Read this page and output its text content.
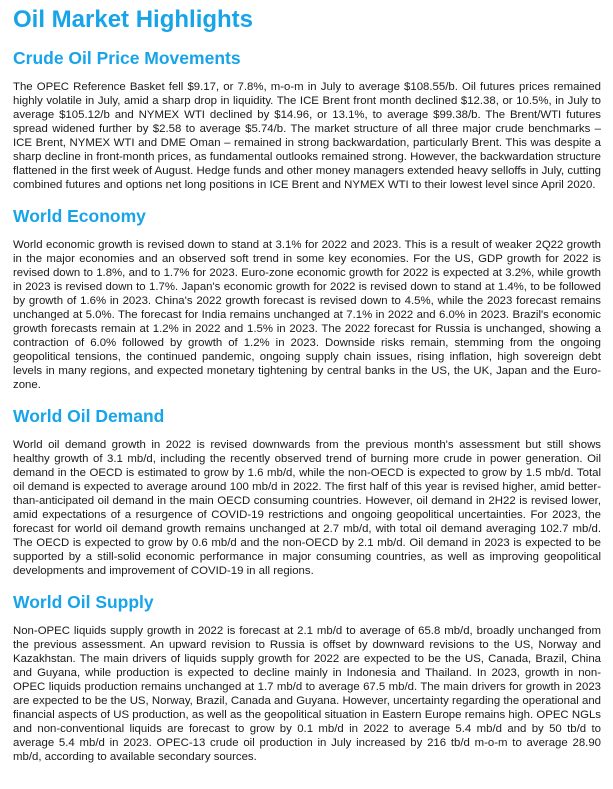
Oil Market Highlights
Crude Oil Price Movements

The OPEC Reference Basket fell $9.17, or 7.8%, m-o-m in July to average $108.55/b. Oil futures prices remained highly volatile in July, amid a sharp drop in liquidity. The ICE Brent front month declined $12.38, or 10.5%, in July to average $105.12/b and NYMEX WTI declined by $14.96, or 13.1%, to average $99.38/b. The Brent/WTI futures spread widened further by $2.58 to average $5.74/b. The market structure of all three major crude benchmarks – ICE Brent, NYMEX WTI and DME Oman – remained in strong backwardation, particularly Brent. This was despite a sharp decline in front-month prices, as fundamental outlooks remained strong. However, the backwardation structure flattened in the first week of August. Hedge funds and other money managers extended heavy selloffs in July, cutting combined futures and options net long positions in ICE Brent and NYMEX WTI to their lowest level since April 2020.

World Economy

World economic growth is revised down to stand at 3.1% for 2022 and 2023. This is a result of weaker 2Q22 growth in the major economies and an observed soft trend in some key economies. For the US, GDP growth for 2022 is revised down to 1.8%, and to 1.7% for 2023. Euro-zone economic growth for 2022 is expected at 3.2%, while growth in 2023 is revised down to 1.7%. Japan's economic growth for 2022 is revised down to stand at 1.4%, to be followed by growth of 1.6% in 2023. China's 2022 growth forecast is revised down to 4.5%, while the 2023 forecast remains unchanged at 5.0%. The forecast for India remains unchanged at 7.1% in 2022 and 6.0% in 2023. Brazil's economic growth forecasts remain at 1.2% in 2022 and 1.5% in 2023. The 2022 forecast for Russia is unchanged, showing a contraction of 6.0% followed by growth of 1.2% in 2023. Downside risks remain, stemming from the ongoing geopolitical tensions, the continued pandemic, ongoing supply chain issues, rising inflation, high sovereign debt levels in many regions, and expected monetary tightening by central banks in the US, the UK, Japan and the Euro-zone.

World Oil Demand

World oil demand growth in 2022 is revised downwards from the previous month's assessment but still shows healthy growth of 3.1 mb/d, including the recently observed trend of burning more crude in power generation. Oil demand in the OECD is estimated to grow by 1.6 mb/d, while the non-OECD is expected to grow by 1.5 mb/d. Total oil demand is expected to average around 100 mb/d in 2022. The first half of this year is revised higher, amid better-than-anticipated oil demand in the main OECD consuming countries. However, oil demand in 2H22 is revised lower, amid expectations of a resurgence of COVID-19 restrictions and ongoing geopolitical uncertainties. For 2023, the forecast for world oil demand growth remains unchanged at 2.7 mb/d, with total oil demand averaging 102.7 mb/d. The OECD is expected to grow by 0.6 mb/d and the non-OECD by 2.1 mb/d. Oil demand in 2023 is expected to be supported by a still-solid economic performance in major consuming countries, as well as improving geopolitical developments and improvement of COVID-19 in all regions.

World Oil Supply

Non-OPEC liquids supply growth in 2022 is forecast at 2.1 mb/d to average of 65.8 mb/d, broadly unchanged from the previous assessment. An upward revision to Russia is offset by downward revisions to the US, Norway and Kazakhstan. The main drivers of liquids supply growth for 2022 are expected to be the US, Canada, Brazil, China and Guyana, while production is expected to decline mainly in Indonesia and Thailand. In 2023, growth in non-OPEC liquids production remains unchanged at 1.7 mb/d to average 67.5 mb/d. The main drivers for growth in 2023 are expected to be the US, Norway, Brazil, Canada and Guyana. However, uncertainty regarding the operational and financial aspects of US production, as well as the geopolitical situation in Eastern Europe remains high. OPEC NGLs and non-conventional liquids are forecast to grow by 0.1 mb/d in 2022 to average 5.4 mb/d and by 50 tb/d to average 5.4 mb/d in 2023. OPEC-13 crude oil production in July increased by 216 tb/d m-o-m to average 28.90 mb/d, according to available secondary sources.
